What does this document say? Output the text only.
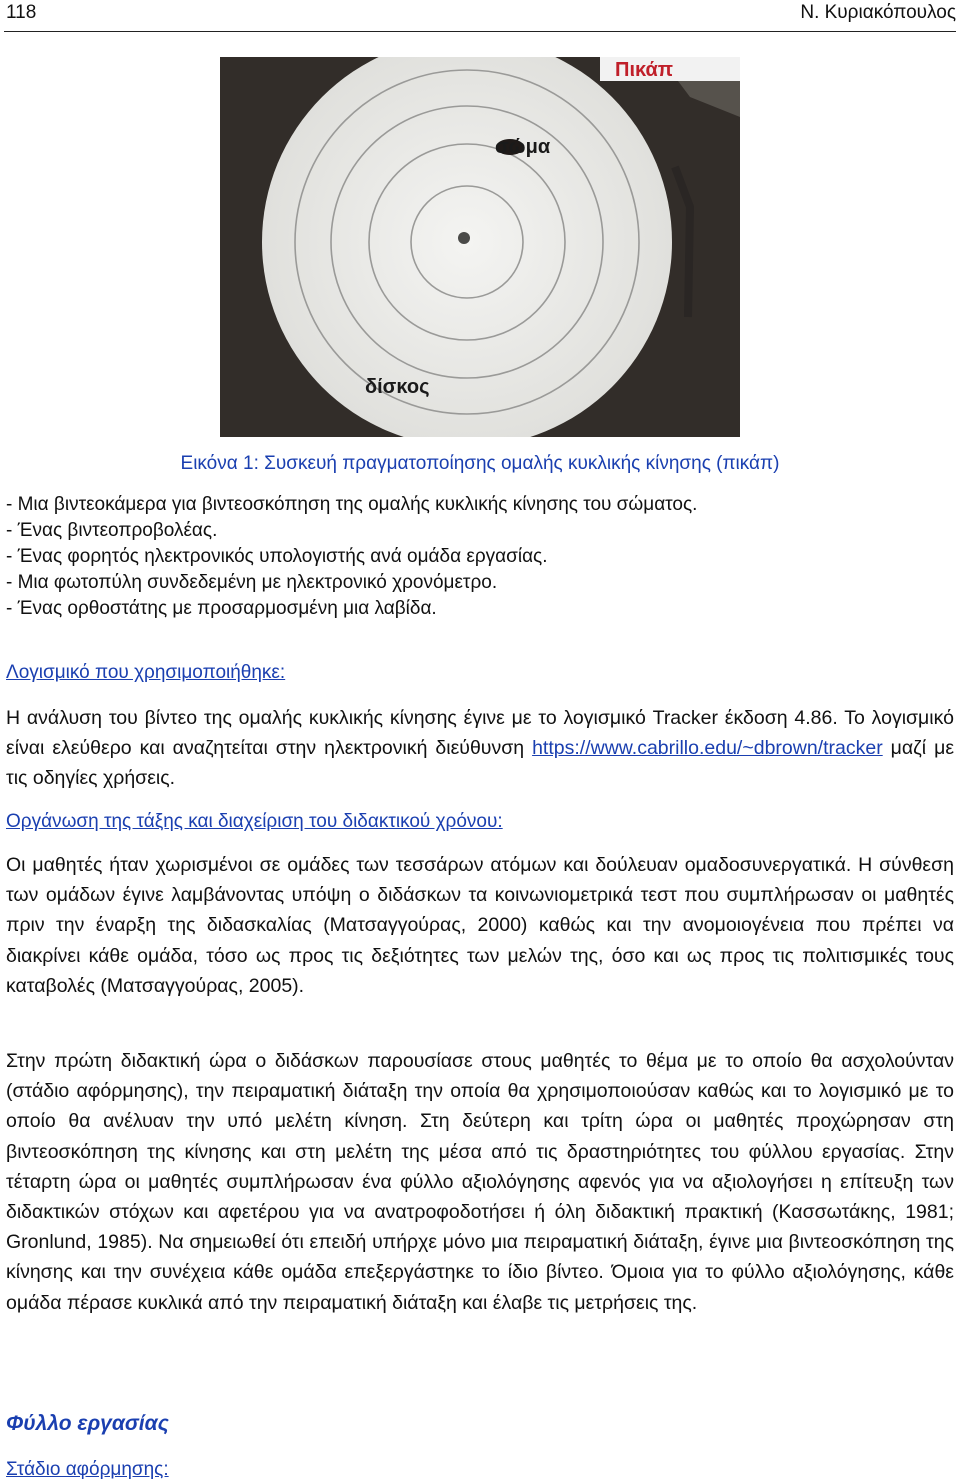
118	Ν. Κυριακόπουλος
σώμα
δίσκος
Πικάπ
Εικόνα 1: Συσκευή πραγματοποίησης ομαλής κυκλικής κίνησης (πικάπ)
- Μια βιντεοκάμερα για βιντεοσκόπηση της ομαλής κυκλικής κίνησης του σώματος.
- Ένας βιντεοπροβολέας.
- Ένας φορητός ηλεκτρονικός υπολογιστής ανά ομάδα εργασίας.
- Μια φωτοπύλη συνδεδεμένη με ηλεκτρονικό χρονόμετρο.
- Ένας ορθοστάτης με προσαρμοσμένη μια λαβίδα.
Λογισμικό που χρησιμοποιήθηκε:
Η ανάλυση του βίντεο της ομαλής κυκλικής κίνησης έγινε με το λογισμικό Tracker έκδοση 4.86. Το λογισμικό είναι ελεύθερο και αναζητείται στην ηλεκτρονική διεύθυνση https://www.cabrillo.edu/~dbrown/tracker μαζί με τις οδηγίες χρήσεις.
Οργάνωση της τάξης και διαχείριση του διδακτικού χρόνου:
Οι μαθητές ήταν χωρισμένοι σε ομάδες των τεσσάρων ατόμων και δούλευαν ομαδοσυνεργατικά. Η σύνθεση των ομάδων έγινε λαμβάνοντας υπόψη ο διδάσκων τα κοινωνιομετρικά τεστ που συμπλήρωσαν οι μαθητές πριν την έναρξη της διδασκαλίας (Ματσαγγούρας, 2000) καθώς και την ανομοιογένεια που πρέπει να διακρίνει κάθε ομάδα, τόσο ως προς τις δεξιότητες των μελών της, όσο και ως προς τις πολιτισμικές τους καταβολές (Ματσαγγούρας, 2005).
Στην πρώτη διδακτική ώρα ο διδάσκων παρουσίασε στους μαθητές το θέμα με το οποίο θα ασχολούνταν (στάδιο αφόρμησης), την πειραματική διάταξη την οποία θα χρησιμοποιούσαν καθώς και το λογισμικό με το οποίο θα ανέλυαν την υπό μελέτη κίνηση. Στη δεύτερη και τρίτη ώρα οι μαθητές προχώρησαν στη βιντεοσκόπηση της κίνησης και στη μελέτη της μέσα από τις δραστηριότητες του φύλλου εργασίας. Στην τέταρτη ώρα οι μαθητές συμπλήρωσαν ένα φύλλο αξιολόγησης αφενός για να αξιολογήσει η επίτευξη των διδακτικών στόχων και αφετέρου για να ανατροφοδοτήσει ή όλη διδακτική πρακτική (Κασσωτάκης, 1981; Gronlund, 1985). Να σημειωθεί ότι επειδή υπήρχε μόνο μια πειραματική διάταξη, έγινε μια βιντεοσκόπηση της κίνησης και την συνέχεια κάθε ομάδα επεξεργάστηκε το ίδιο βίντεο. Όμοια για το φύλλο αξιολόγησης, κάθε ομάδα πέρασε κυκλικά από την πειραματική διάταξη και έλαβε τις μετρήσεις της.
Φύλλο εργασίας
Στάδιο αφόρμησης:
